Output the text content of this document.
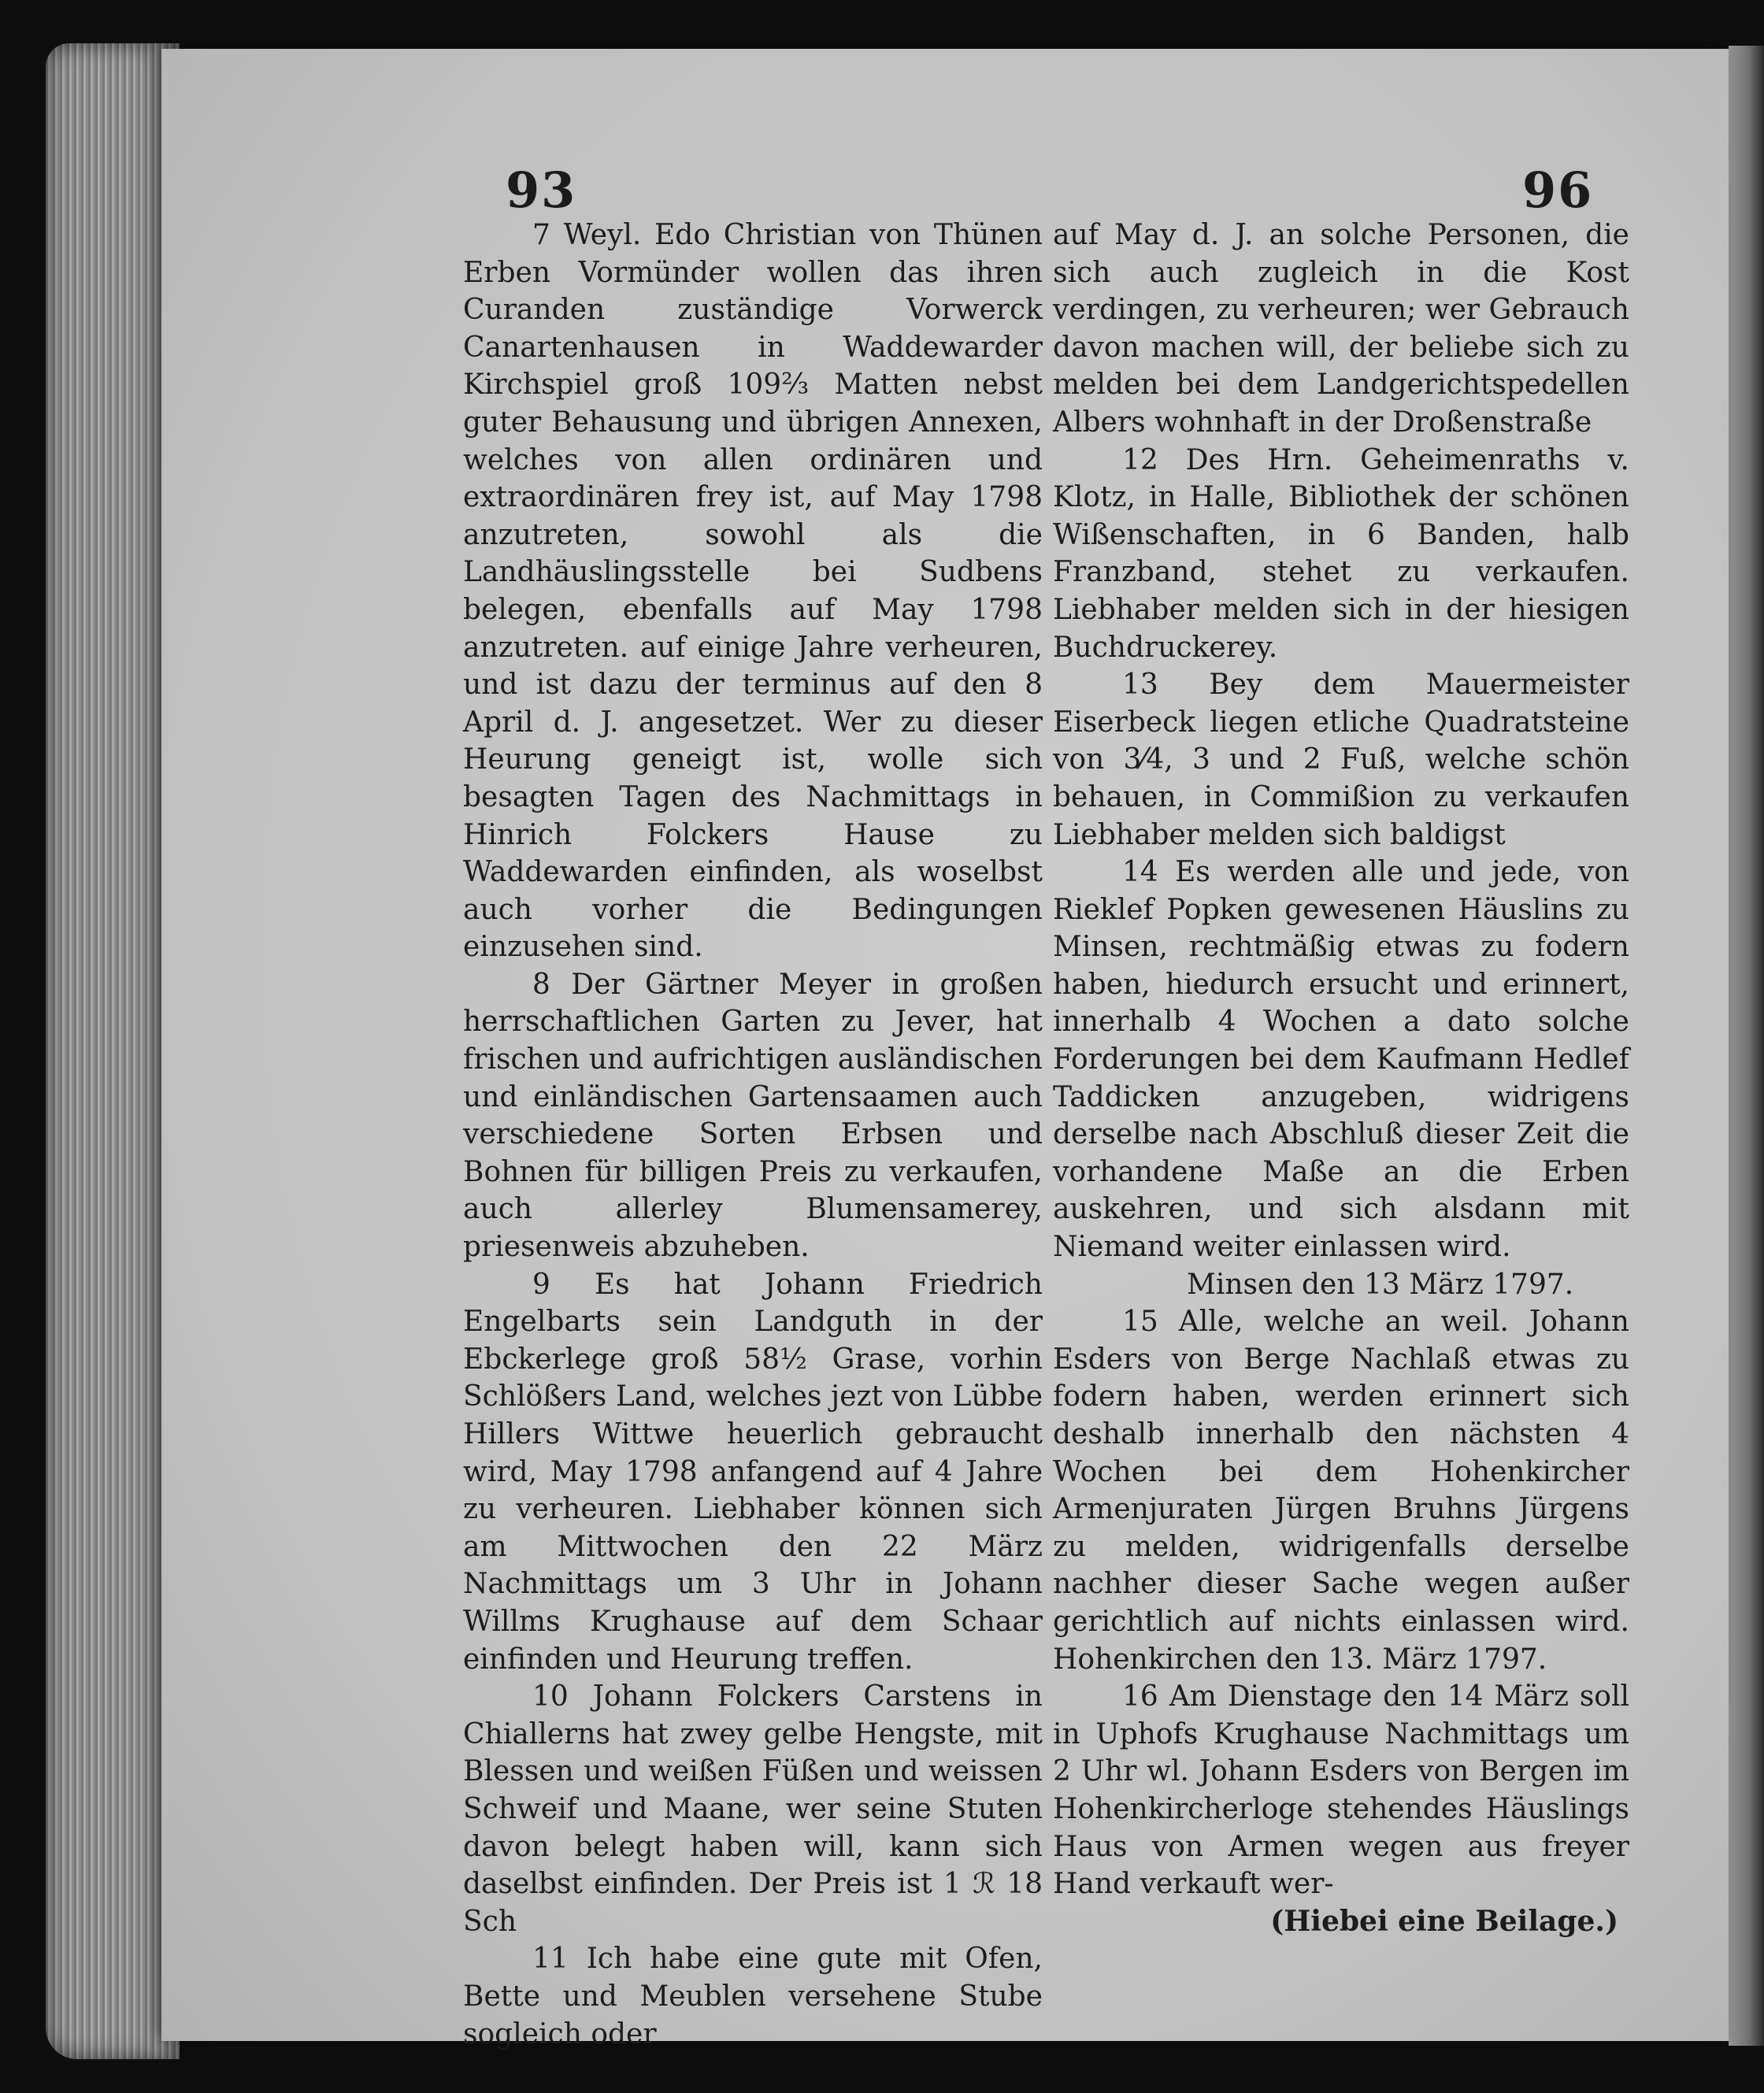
93	96

7 Weyl. Edo Christian von Thünen Erben Vormünder wollen das ihren Curanden zuständige Vorwerck Canartenhausen in Waddewarder Kirchspiel groß 109⅔ Matten nebst guter Behausung und übrigen Annexen, welches von allen ordinären und extraordinären frey ist, auf May 1798 anzutreten, sowohl als die Landhäuslingsstelle bei Sudbens belegen, ebenfalls auf May 1798 anzutreten. auf einige Jahre verheuren, und ist dazu der terminus auf den 8 April d. J. angesetzet. Wer zu dieser Heurung geneigt ist, wolle sich besagten Tagen des Nachmittags in Hinrich Folckers Hause zu Waddewarden einfinden, als woselbst auch vorher die Bedingungen einzusehen sind.

8 Der Gärtner Meyer in großen herrschaftlichen Garten zu Jever, hat frischen und aufrichtigen ausländischen und einländischen Gartensaamen auch verschiedene Sorten Erbsen und Bohnen für billigen Preis zu verkaufen, auch allerley Blumensamerey, priesenweis abzuheben.

9 Es hat Johann Friedrich Engelbarts sein Landguth in der Ebckerlege groß 58½ Grase, vorhin Schlößers Land, welches jezt von Lübbe Hillers Wittwe heuerlich gebraucht wird, May 1798 anfangend auf 4 Jahre zu verheuren. Liebhaber können sich am Mittwochen den 22 März Nachmittags um 3 Uhr in Johann Willms Krughause auf dem Schaar einfinden und Heurung treffen.

10 Johann Folckers Carstens in Chiallerns hat zwey gelbe Hengste, mit Blessen und weißen Füßen und weissen Schweif und Maane, wer seine Stuten davon belegt haben will, kann sich daselbst einfinden. Der Preis ist 1 ℛ 18 Sch

11 Ich habe eine gute mit Ofen, Bette und Meublen versehene Stube sogleich oder

auf May d. J. an solche Personen, die sich auch zugleich in die Kost verdingen, zu verheuren; wer Gebrauch davon machen will, der beliebe sich zu melden bei dem Landgerichtspedellen Albers wohnhaft in der Droßenstraße

12 Des Hrn. Geheimenraths v. Klotz, in Halle, Bibliothek der schönen Wißenschaften, in 6 Banden, halb Franzband, stehet zu verkaufen. Liebhaber melden sich in der hiesigen Buchdruckerey.

13 Bey dem Mauermeister Eiserbeck liegen etliche Quadratsteine von 3⁄4, 3 und 2 Fuß, welche schön behauen, in Commißion zu verkaufen Liebhaber melden sich baldigst

14 Es werden alle und jede, von Rieklef Popken gewesenen Häuslins zu Minsen, rechtmäßig etwas zu fodern haben, hiedurch ersucht und erinnert, innerhalb 4 Wochen a dato solche Forderungen bei dem Kaufmann Hedlef Taddicken anzugeben, widrigens derselbe nach Abschluß dieser Zeit die vorhandene Maße an die Erben auskehren, und sich alsdann mit Niemand weiter einlassen wird.

Minsen den 13 März 1797.

15 Alle, welche an weil. Johann Esders von Berge Nachlaß etwas zu fodern haben, werden erinnert sich deshalb innerhalb den nächsten 4 Wochen bei dem Hohenkircher Armenjuraten Jürgen Bruhns Jürgens zu melden, widrigenfalls derselbe nachher dieser Sache wegen außer gerichtlich auf nichts einlassen wird. Hohenkirchen den 13. März 1797.

16 Am Dienstage den 14 März soll in Uphofs Krughause Nachmittags um 2 Uhr wl. Johann Esders von Bergen im Hohenkircherloge stehendes Häuslings Haus von Armen wegen aus freyer Hand verkauft wer-

(Hiebei eine Beilage.)
